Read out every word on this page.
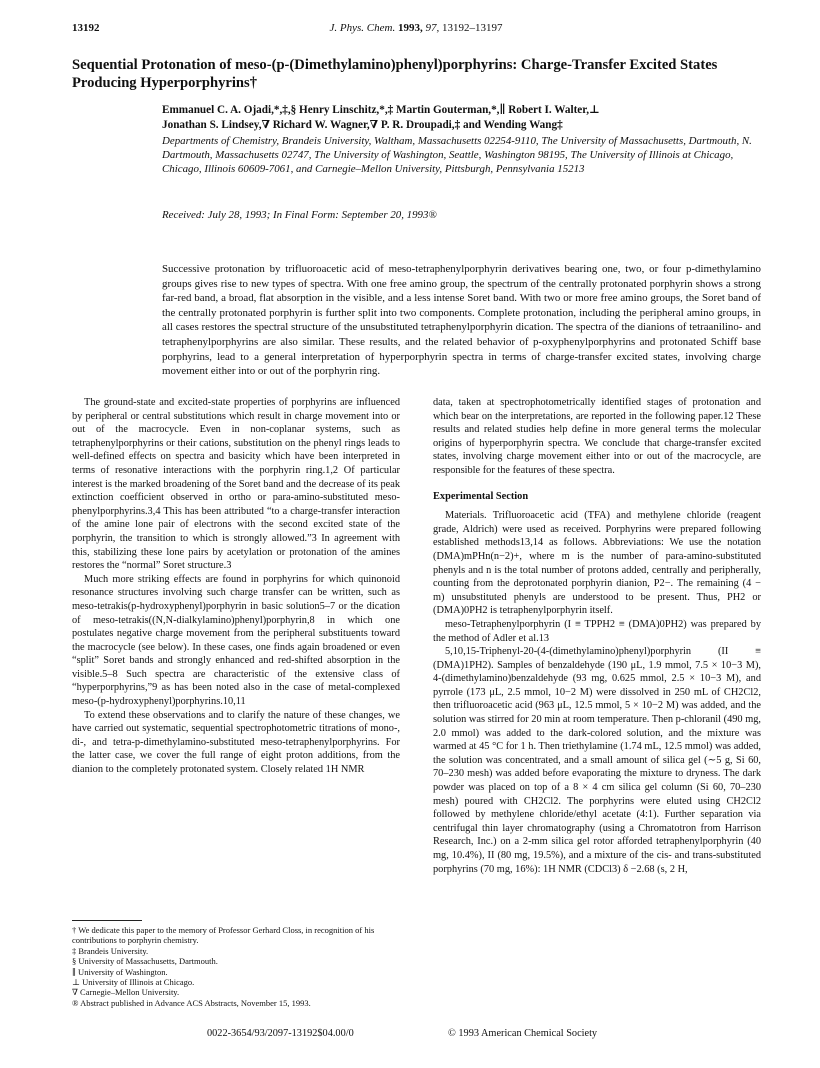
13192	J. Phys. Chem. 1993, 97, 13192–13197
Sequential Protonation of meso-(p-(Dimethylamino)phenyl)porphyrins: Charge-Transfer Excited States Producing Hyperporphyrins†
Emmanuel C. A. Ojadi,*,‡,§ Henry Linschitz,*,‡ Martin Gouterman,*,∥ Robert I. Walter,⊥
Jonathan S. Lindsey,∇ Richard W. Wagner,∇ P. R. Droupadi,‡ and Wending Wang‡

Departments of Chemistry, Brandeis University, Waltham, Massachusetts 02254-9110, The University of Massachusetts, Dartmouth, N. Dartmouth, Massachusetts 02747, The University of Washington, Seattle, Washington 98195, The University of Illinois at Chicago, Chicago, Illinois 60609-7061, and Carnegie–Mellon University, Pittsburgh, Pennsylvania 15213

Received: July 28, 1993; In Final Form: September 20, 1993®

Successive protonation by trifluoroacetic acid of meso-tetraphenylporphyrin derivatives bearing one, two, or four p-dimethylamino groups gives rise to new types of spectra. With one free amino group, the spectrum of the centrally protonated porphyrin shows a strong far-red band, a broad, flat absorption in the visible, and a less intense Soret band. With two or more free amino groups, the Soret band of the centrally protonated porphyrin is further split into two components. Complete protonation, including the peripheral amino groups, in all cases restores the spectral structure of the unsubstituted tetraphenylporphyrin dication. The spectra of the dianions of tetraanilino- and tetraphenylporphyrins are also similar. These results, and the related behavior of p-oxyphenylporphyrins and protonated Schiff base porphyrins, lead to a general interpretation of hyperporphyrin spectra in terms of charge-transfer excited states, involving charge movement either into or out of the porphyrin ring.

The ground-state and excited-state properties of porphyrins are influenced by peripheral or central substitutions which result in charge movement into or out of the macrocycle. Even in non-coplanar systems, such as tetraphenylporphyrins or their cations, substitution on the phenyl rings leads to well-defined effects on spectra and basicity which have been interpreted in terms of resonative interactions with the porphyrin ring.1,2 Of particular interest is the marked broadening of the Soret band and the decrease of its peak extinction coefficient observed in ortho or para-amino-substituted meso-phenylporphyrins.3,4 This has been attributed “to a charge-transfer interaction of the amine lone pair of electrons with the second excited state of the porphyrin, the transition to which is strongly allowed.”3 In agreement with this, stabilizing these lone pairs by acetylation or protonation of the amines restores the “normal” Soret structure.3

Much more striking effects are found in porphyrins for which quinonoid resonance structures involving such charge transfer can be written, such as meso-tetrakis(p-hydroxyphenyl)porphyrin in basic solution5–7 or the dication of meso-tetrakis((N,N-dialkylamino)phenyl)porphyrin,8 in which one postulates negative charge movement from the peripheral substituents toward the macrocycle (see below). In these cases, one finds again broadened or even “split” Soret bands and strongly enhanced and red-shifted absorption in the visible.5–8 Such spectra are characteristic of the extensive class of “hyperporphyrins,”9 as has been noted also in the case of metal-complexed meso-(p-hydroxyphenyl)porphyrins.10,11

To extend these observations and to clarify the nature of these changes, we have carried out systematic, sequential spectrophotometric titrations of mono-, di-, and tetra-p-dimethylamino-substituted meso-tetraphenylporphyrins. For the latter case, we cover the full range of eight proton additions, from the dianion to the completely protonated system. Closely related 1H NMR

data, taken at spectrophotometrically identified stages of protonation and which bear on the interpretations, are reported in the following paper.12 These results and related studies help define in more general terms the molecular origins of hyperporphyrin spectra. We conclude that charge-transfer excited states, involving charge movement either into or out of the macrocycle, are responsible for the features of these spectra.

Experimental Section

Materials. Trifluoroacetic acid (TFA) and methylene chloride (reagent grade, Aldrich) were used as received. Porphyrins were prepared following established methods13,14 as follows. Abbreviations: We use the notation (DMA)mPHn(n−2)+, where m is the number of para-amino-substituted phenyls and n is the total number of protons added, centrally and peripherally, counting from the deprotonated porphyrin dianion, P2−. The remaining (4 − m) unsubstituted phenyls are understood to be present. Thus, PH2 or (DMA)0PH2 is tetraphenylporphyrin itself.

meso-Tetraphenylporphyrin (I ≡ TPPH2 ≡ (DMA)0PH2) was prepared by the method of Adler et al.13

5,10,15-Triphenyl-20-(4-(dimethylamino)phenyl)porphyrin (II ≡ (DMA)1PH2). Samples of benzaldehyde (190 μL, 1.9 mmol, 7.5 × 10−3 M), 4-(dimethylamino)benzaldehyde (93 mg, 0.625 mmol, 2.5 × 10−3 M), and pyrrole (173 μL, 2.5 mmol, 10−2 M) were dissolved in 250 mL of CH2Cl2, then trifluoroacetic acid (963 μL, 12.5 mmol, 5 × 10−2 M) was added, and the solution was stirred for 20 min at room temperature. Then p-chloranil (490 mg, 2.0 mmol) was added to the dark-colored solution, and the mixture was warmed at 45 °C for 1 h. Then triethylamine (1.74 mL, 12.5 mmol) was added, the solution was concentrated, and a small amount of silica gel (∼5 g, Si 60, 70–230 mesh) was added before evaporating the mixture to dryness. The dark powder was placed on top of a 8 × 4 cm silica gel column (Si 60, 70–230 mesh) poured with CH2Cl2. The porphyrins were eluted using CH2Cl2 followed by methylene chloride/ethyl acetate (4:1). Further separation via centrifugal thin layer chromatography (using a Chromatotron from Harrison Research, Inc.) on a 2-mm silica gel rotor afforded tetraphenylporphyrin (40 mg, 10.4%), II (80 mg, 19.5%), and a mixture of the cis- and trans-substituted porphyrins (70 mg, 16%): 1H NMR (CDCl3) δ −2.68 (s, 2 H,

† We dedicate this paper to the memory of Professor Gerhard Closs, in recognition of his contributions to porphyrin chemistry.
‡ Brandeis University.
§ University of Massachusetts, Dartmouth.
∥ University of Washington.
⊥ University of Illinois at Chicago.
∇ Carnegie–Mellon University.
® Abstract published in Advance ACS Abstracts, November 15, 1993.
0022-3654/93/2097-13192$04.00/0	© 1993 American Chemical Society
